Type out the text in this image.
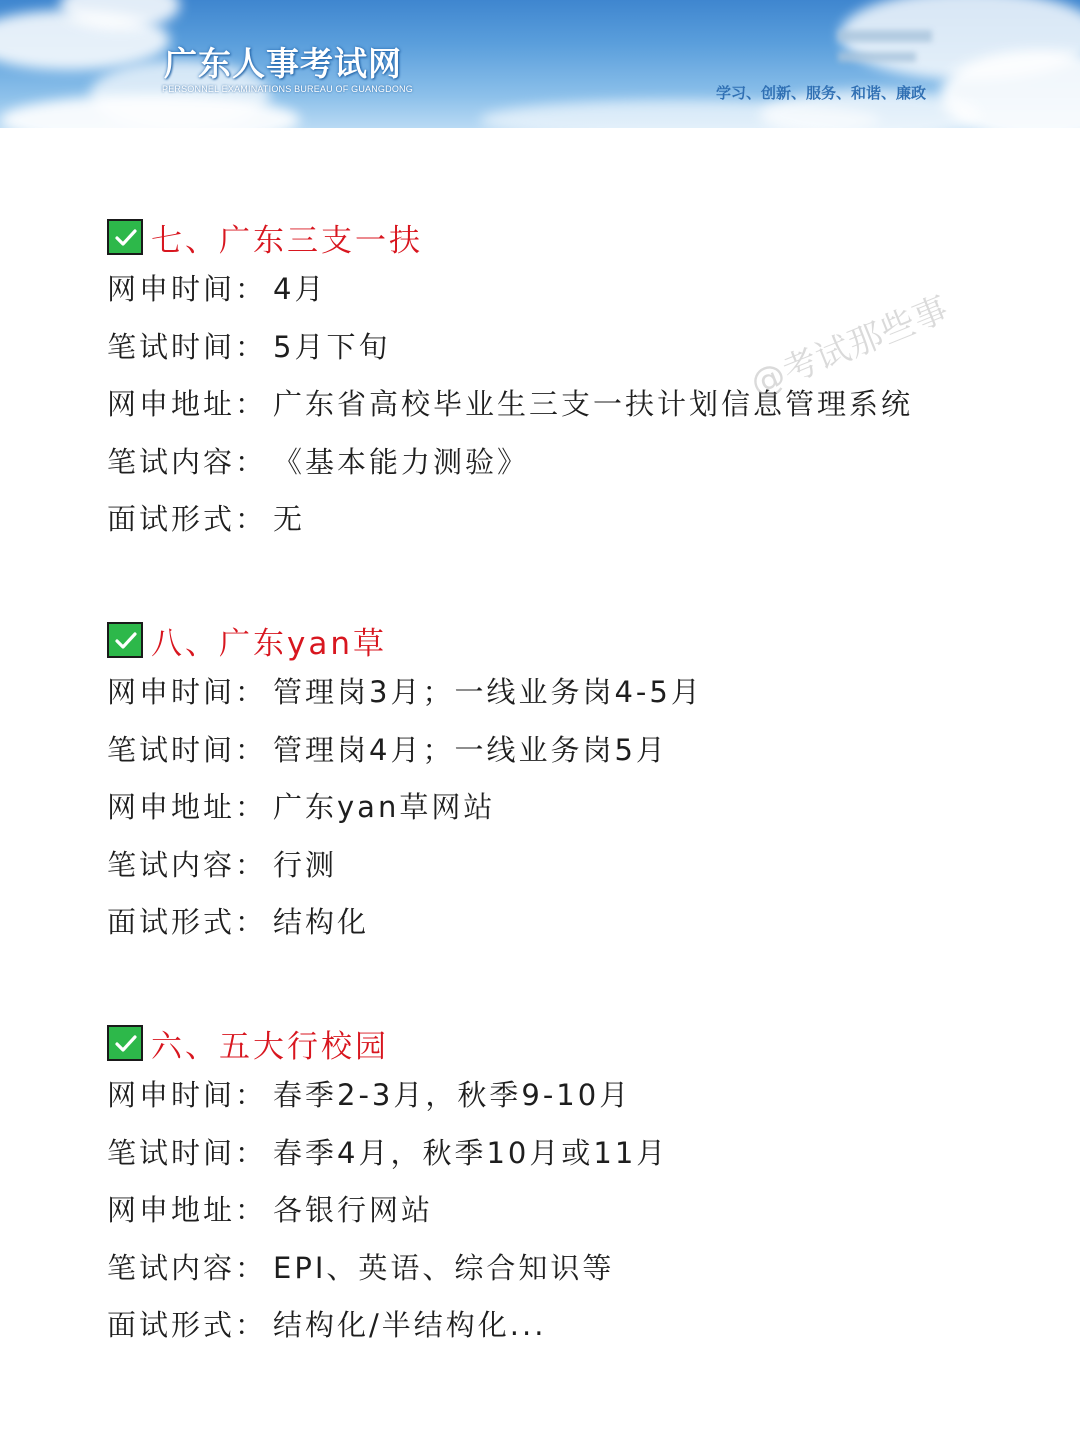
广东人事考试网
PERSONNEL EXAMINATIONS BUREAU OF GUANGDONG	学习、创新、服务、和谐、廉政
七、广东三支一扶
网申时间： 4月
笔试时间： 5月下旬
网申地址： 广东省高校毕业生三支一扶计划信息管理系统
笔试内容： 《基本能力测验》
面试形式： 无
八、广东yan草
网申时间： 管理岗3月；一线业务岗4-5月
笔试时间： 管理岗4月；一线业务岗5月
网申地址： 广东yan草网站
笔试内容： 行测
面试形式： 结构化
六、五大行校园
网申时间： 春季2-3月，秋季9-10月
笔试时间： 春季4月，秋季10月或11月
网申地址： 各银行网站
笔试内容： EPI、英语、综合知识等
面试形式： 结构化/半结构化...
@考试那些事
